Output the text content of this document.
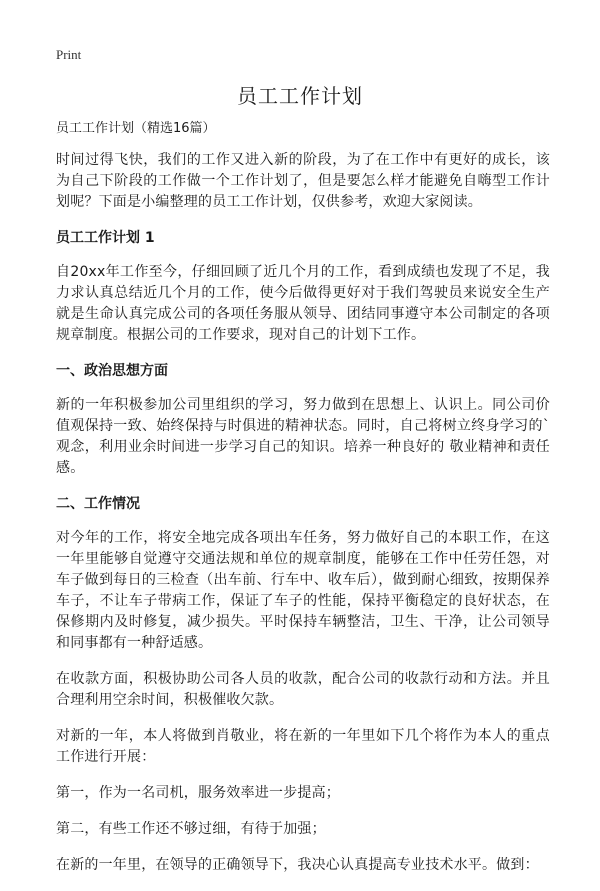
Print
员工工作计划
员工工作计划（精选16篇）

时间过得飞快，我们的工作又进入新的阶段，为了在工作中有更好的成长，该为自己下阶段的工作做一个工作计划了，但是要怎么样才能避免自嗨型工作计划呢？下面是小编整理的员工工作计划，仅供参考，欢迎大家阅读。

员工工作计划 1

自20xx年工作至今，仔细回顾了近几个月的工作，看到成绩也发现了不足，我力求认真总结近几个月的工作，使今后做得更好对于我们驾驶员来说安全生产就是生命认真完成公司的各项任务服从领导、团结同事遵守本公司制定的各项规章制度。根据公司的工作要求，现对自己的计划下工作。

一、政治思想方面

新的一年积极参加公司里组织的学习，努力做到在思想上、认识上。同公司价值观保持一致、始终保持与时俱进的精神状态。同时，自己将树立终身学习的`观念，利用业余时间进一步学习自己的知识。培养一种良好的 敬业精神和责任感。

二、工作情况

对今年的工作，将安全地完成各项出车任务，努力做好自己的本职工作，在这一年里能够自觉遵守交通法规和单位的规章制度，能够在工作中任劳任怨，对车子做到每日的三检查（出车前、行车中、收车后），做到耐心细致，按期保养车子，不让车子带病工作，保证了车子的性能，保持平衡稳定的良好状态，在保修期内及时修复，减少损失。平时保持车辆整洁，卫生、干净，让公司领导和同事都有一种舒适感。

在收款方面，积极协助公司各人员的收款，配合公司的收款行动和方法。并且合理利用空余时间，积极催收欠款。

对新的一年，本人将做到肖敬业，将在新的一年里如下几个将作为本人的重点工作进行开展：

第一，作为一名司机，服务效率进一步提高；

第二，有些工作还不够过细，有待于加强；

在新的一年里，在领导的正确领导下，我决心认真提高专业技术水平。做到：
